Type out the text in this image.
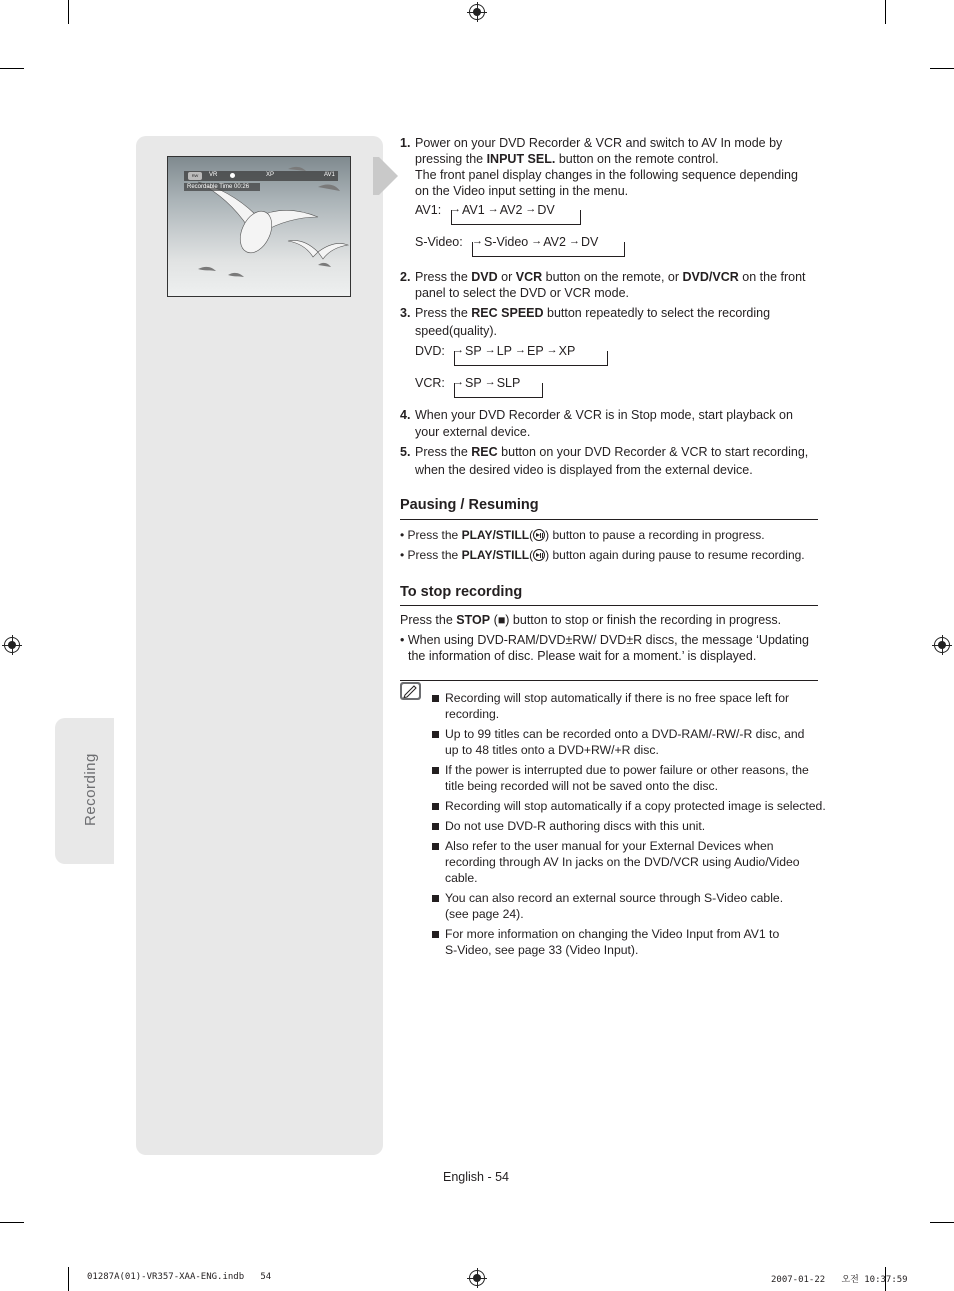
RW	VR	XP	AV1
Recordable Time 00:26
Recording
1. Power on your DVD Recorder & VCR and switch to AV In mode by
pressing the INPUT SEL. button on the remote control.
The front panel display changes in the following sequence depending
on the Video input setting in the menu.
AV1: →AV1 →AV2 →DV
S-Video: →S-Video →AV2 →DV
2. Press the DVD or VCR button on the remote, or DVD/VCR on the front
panel to select the DVD or VCR mode.
3. Press the REC SPEED button repeatedly to select the recording
speed(quality).
DVD: →SP →LP →EP →XP
VCR: →SP →SLP
4. When your DVD Recorder & VCR is in Stop mode, start playback on
your external device.
5. Press the REC button on your DVD Recorder & VCR to start recording,
when the desired video is displayed from the external device.
Pausing / Resuming
• Press the PLAY/STILL( ) button to pause a recording in progress.
• Press the PLAY/STILL( ) button again during pause to resume recording.
To stop recording
Press the STOP (■) button to stop or finish the recording in progress.
• When using DVD-RAM/DVD±RW/ DVD±R discs, the message ‘Updating
the information of disc. Please wait for a moment.’ is displayed.
Recording will stop automatically if there is no free space left for
recording.
Up to 99 titles can be recorded onto a DVD-RAM/-RW/-R disc, and
up to 48 titles onto a DVD+RW/+R disc.
If the power is interrupted due to power failure or other reasons, the
title being recorded will not be saved onto the disc.
Recording will stop automatically if a copy protected image is selected.
Do not use DVD-R authoring discs with this unit.
Also refer to the user manual for your External Devices when
recording through AV In jacks on the DVD/VCR using Audio/Video
cable.
You can also record an external source through S-Video cable.
(see page 24).
For more information on changing the Video Input from AV1 to
S-Video, see page 33 (Video Input).
English - 54
01287A(01)-VR357-XAA-ENG.indb   54	2007-01-22   오전 10:37:59
